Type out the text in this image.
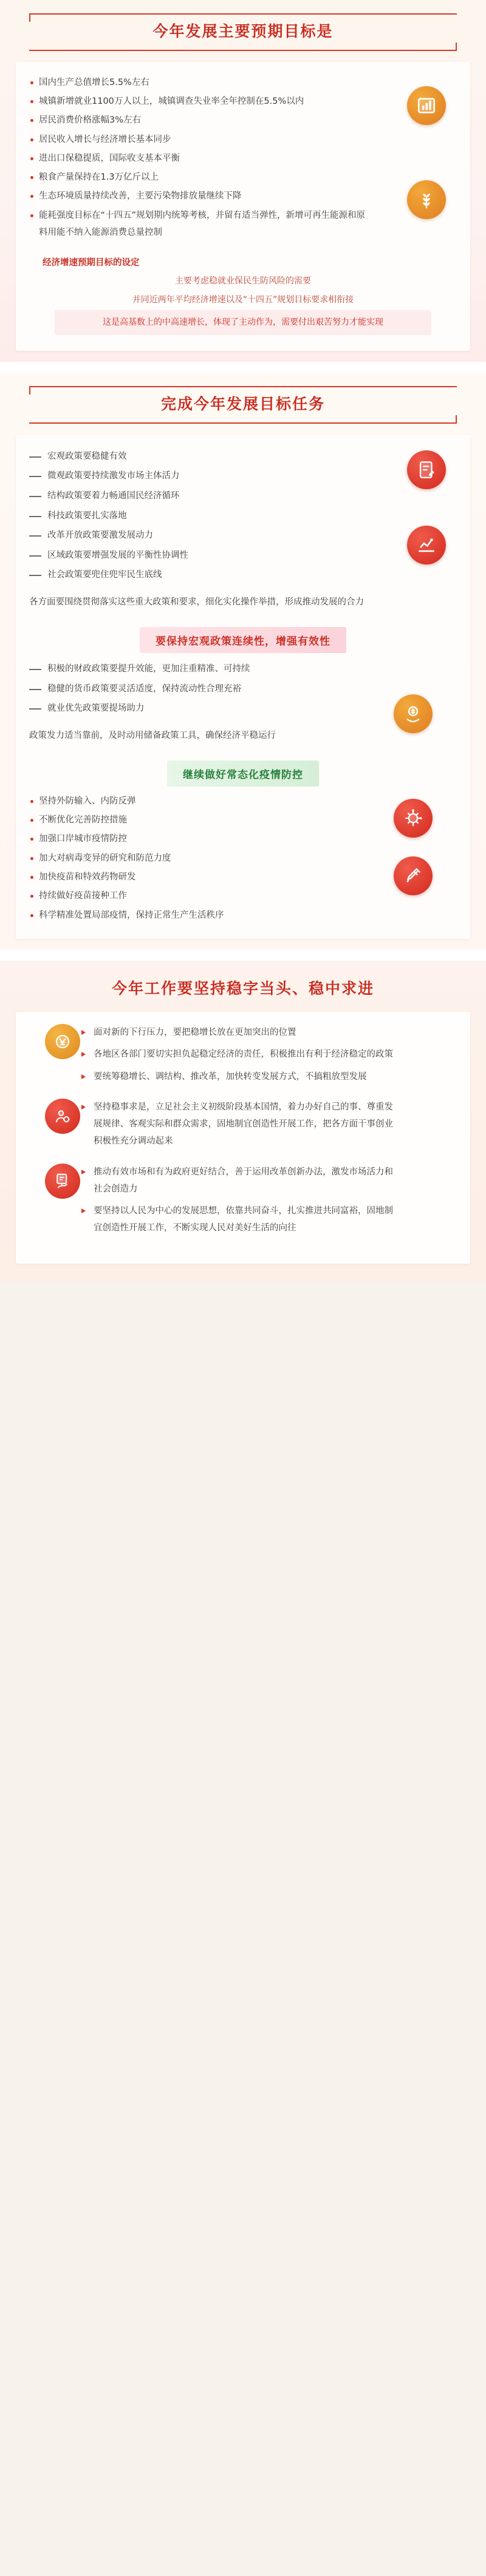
今年发展主要预期目标是
国内生产总值增长5.5%左右
城镇新增就业1100万人以上，城镇调查失业率全年控制在5.5%以内
居民消费价格涨幅3%左右
居民收入增长与经济增长基本同步
进出口保稳提质，国际收支基本平衡
粮食产量保持在1.3万亿斤以上
生态环境质量持续改善，主要污染物排放量继续下降
能耗强度目标在“十四五”规划期内统筹考核，并留有适当弹性，新增可再生能源和原料用能不纳入能源消费总量控制
经济增速预期目标的设定
主要考虑稳就业保民生防风险的需要
并同近两年平均经济增速以及“十四五”规划目标要求相衔接
这是高基数上的中高速增长，体现了主动作为，需要付出艰苦努力才能实现
完成今年发展目标任务
宏观政策要稳健有效
微观政策要持续激发市场主体活力
结构政策要着力畅通国民经济循环
科技政策要扎实落地
改革开放政策要激发展动力
区域政策要增强发展的平衡性协调性
社会政策要兜住兜牢民生底线
各方面要围绕贯彻落实这些重大政策和要求，细化实化操作举措，形成推动发展的合力
要保持宏观政策连续性，增强有效性
积极的财政政策要提升效能，更加注重精准、可持续
稳健的货币政策要灵活适度，保持流动性合理充裕
就业优先政策要提场助力
政策发力适当靠前，及时动用储备政策工具，确保经济平稳运行
继续做好常态化疫情防控
坚持外防输入、内防反弹
不断优化完善防控措施
加强口岸城市疫情防控
加大对病毒变异的研究和防范力度
加快疫苗和特效药物研发
持续做好疫苗接种工作
科学精准处置局部疫情，保持正常生产生活秩序
今年工作要坚持稳字当头、稳中求进
面对新的下行压力，要把稳增长放在更加突出的位置
各地区各部门要切实担负起稳定经济的责任，积极推出有利于经济稳定的政策
要统筹稳增长、调结构、推改革，加快转变发展方式，不搞粗放型发展
坚持稳事求是，立足社会主义初级阶段基本国情，着力办好自己的事、尊重发展规律、客观实际和群众需求，固地制宜创造性开展工作，把各方面干事创业积极性充分调动起来
推动有效市场和有为政府更好结合，善于运用改革创新办法，激发市场活力和社会创造力
要坚持以人民为中心的发展思想，依靠共同奋斗，扎实推进共同富裕，固地制宜创造性开展工作，不断实现人民对美好生活的向往
